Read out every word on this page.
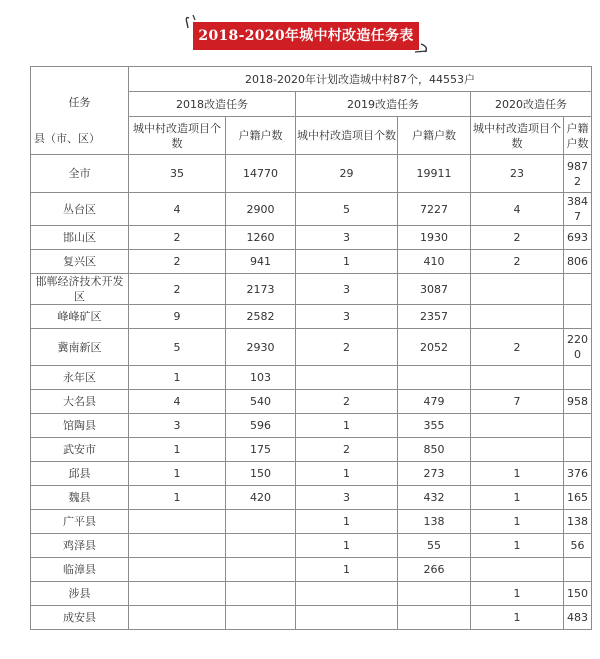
2018-2020年城中村改造任务表
任务
县（市、区）	2018-2020年计划改造城中村87个，44553户					
	2018改造任务		2019改造任务		2020改造任务	
	城中村改造项目个数	户籍户数	城中村改造项目个数	户籍户数	城中村改造项目个数	户籍户数
全市	35	14770	29	19911	23	9872
丛台区	4	2900	5	7227	4	3847
邯山区	2	1260	3	1930	2	693
复兴区	2	941	1	410	2	806
邯郸经济技术开发区	2	2173	3	3087		
峰峰矿区	9	2582	3	2357		
冀南新区	5	2930	2	2052	2	2200
永年区	1	103				
大名县	4	540	2	479	7	958
馆陶县	3	596	1	355		
武安市	1	175	2	850		
邱县	1	150	1	273	1	376
魏县	1	420	3	432	1	165
广平县			1	138	1	138
鸡泽县			1	55	1	56
临漳县			1	266		
涉县					1	150
成安县					1	483
